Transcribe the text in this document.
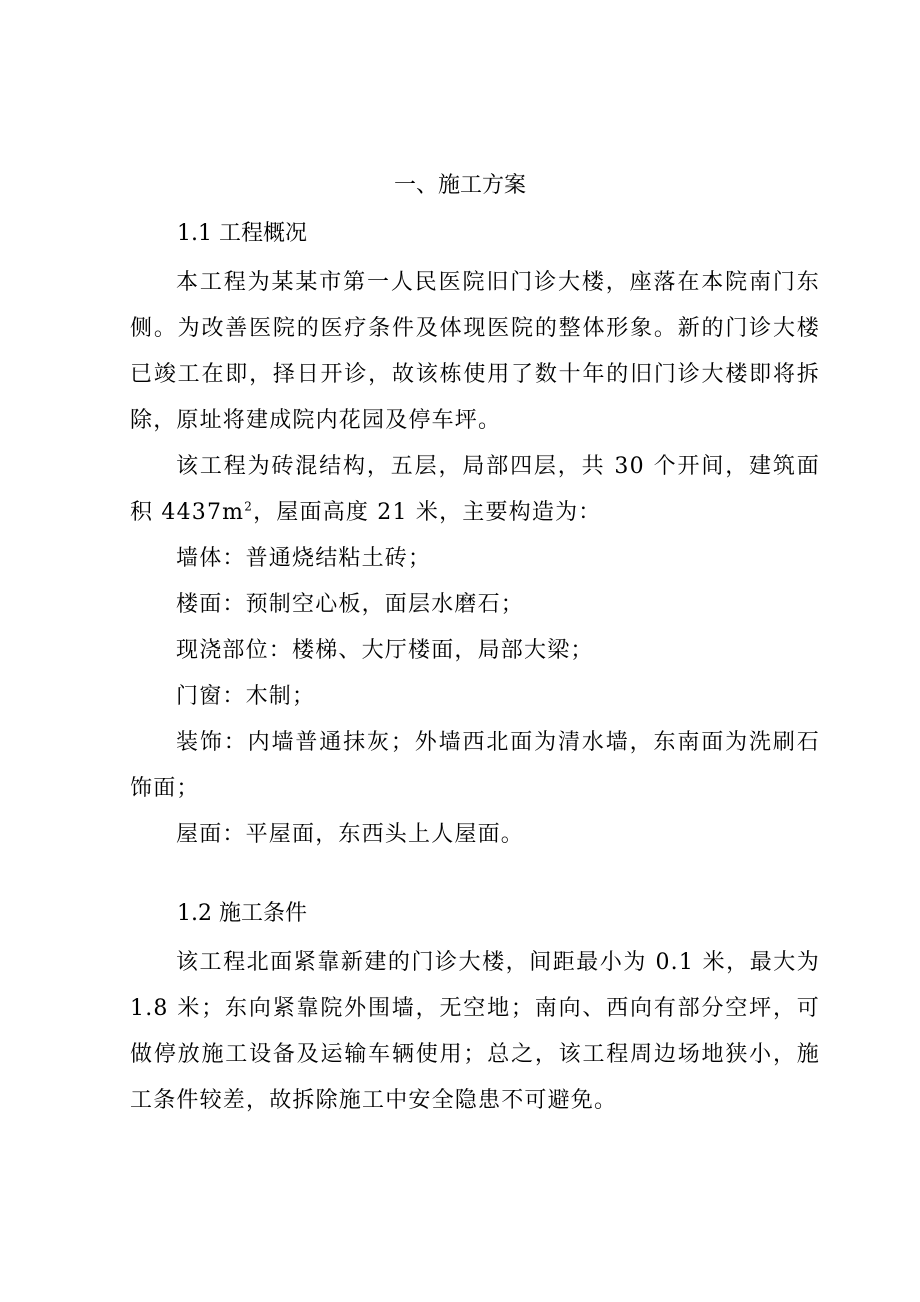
一、施工方案
1.1 工程概况

本工程为某某市第一人民医院旧门诊大楼，座落在本院南门东侧。为改善医院的医疗条件及体现医院的整体形象。新的门诊大楼已竣工在即，择日开诊，故该栋使用了数十年的旧门诊大楼即将拆除，原址将建成院内花园及停车坪。

该工程为砖混结构，五层，局部四层，共 30 个开间，建筑面积 $4437m^2$，屋面高度 21 米，主要构造为：

墙体：普通烧结粘土砖；
楼面：预制空心板，面层水磨石；
现浇部位：楼梯、大厅楼面，局部大梁；
门窗：木制；
装饰：内墙普通抹灰；外墙西北面为清水墙，东南面为洗刷石饰面；
屋面：平屋面，东西头上人屋面。
1.2 施工条件

该工程北面紧靠新建的门诊大楼，间距最小为 0.1 米，最大为 1.8 米；东向紧靠院外围墙，无空地；南向、西向有部分空坪，可做停放施工设备及运输车辆使用；总之，该工程周边场地狭小，施工条件较差，故拆除施工中安全隐患不可避免。
